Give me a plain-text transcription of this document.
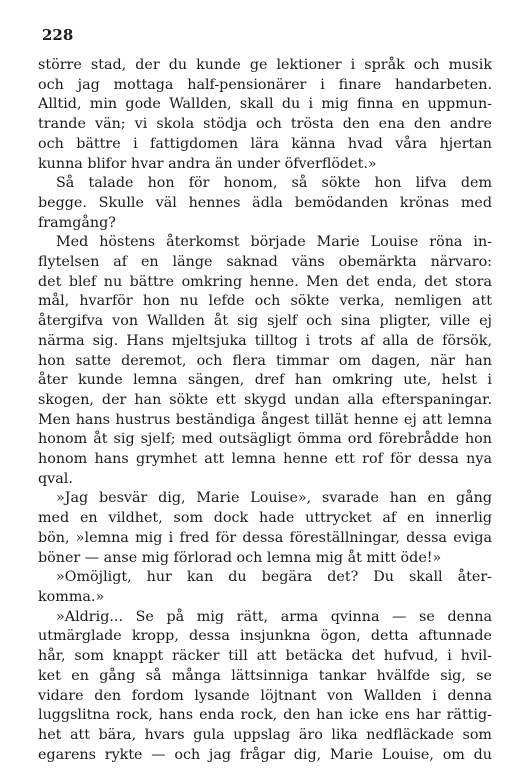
228
större stad, der du kunde ge lektioner i språk och musik
och jag mottaga half-pensionärer i finare handarbeten.
Alltid, min gode Wallden, skall du i mig finna en uppmun-
trande vän; vi skola stödja och trösta den ena den andre
och bättre i fattigdomen lära känna hvad våra hjertan
kunna blifor hvar andra än under öfverflödet.»
Så talade hon för honom, så sökte hon lifva dem
begge. Skulle väl hennes ädla bemödanden krönas med
framgång?
Med höstens återkomst började Marie Louise röna in-
flytelsen af en länge saknad väns obemärkta närvaro:
det blef nu bättre omkring henne. Men det enda, det stora
mål, hvarför hon nu lefde och sökte verka, nemligen att
återgifva von Wallden åt sig sjelf och sina pligter, ville ej
närma sig. Hans mjeltsjuka tilltog i trots af alla de försök,
hon satte deremot, och flera timmar om dagen, när han
åter kunde lemna sängen, dref han omkring ute, helst i
skogen, der han sökte ett skygd undan alla efterspaningar.
Men hans hustrus beständiga ångest tillät henne ej att lemna
honom åt sig sjelf; med outsägligt ömma ord förebrådde hon
honom hans grymhet att lemna henne ett rof för dessa nya
qval.
»Jag besvär dig, Marie Louise», svarade han en gång
med en vildhet, som dock hade uttrycket af en innerlig
bön, »lemna mig i fred för dessa föreställningar, dessa eviga
böner — anse mig förlorad och lemna mig åt mitt öde!»
»Omöjligt, hur kan du begära det? Du skall åter-
komma.»
»Aldrig... Se på mig rätt, arma qvinna — se denna
utmärglade kropp, dessa insjunkna ögon, detta aftunnade
hår, som knappt räcker till att betäcka det hufvud, i hvil-
ket en gång så många lättsinniga tankar hvälfde sig, se
vidare den fordom lysande löjtnant von Wallden i denna
luggslitna rock, hans enda rock, den han icke ens har rättig-
het att bära, hvars gula uppslag äro lika nedfläckade som
egarens rykte — och jag frågar dig, Marie Louise, om du
